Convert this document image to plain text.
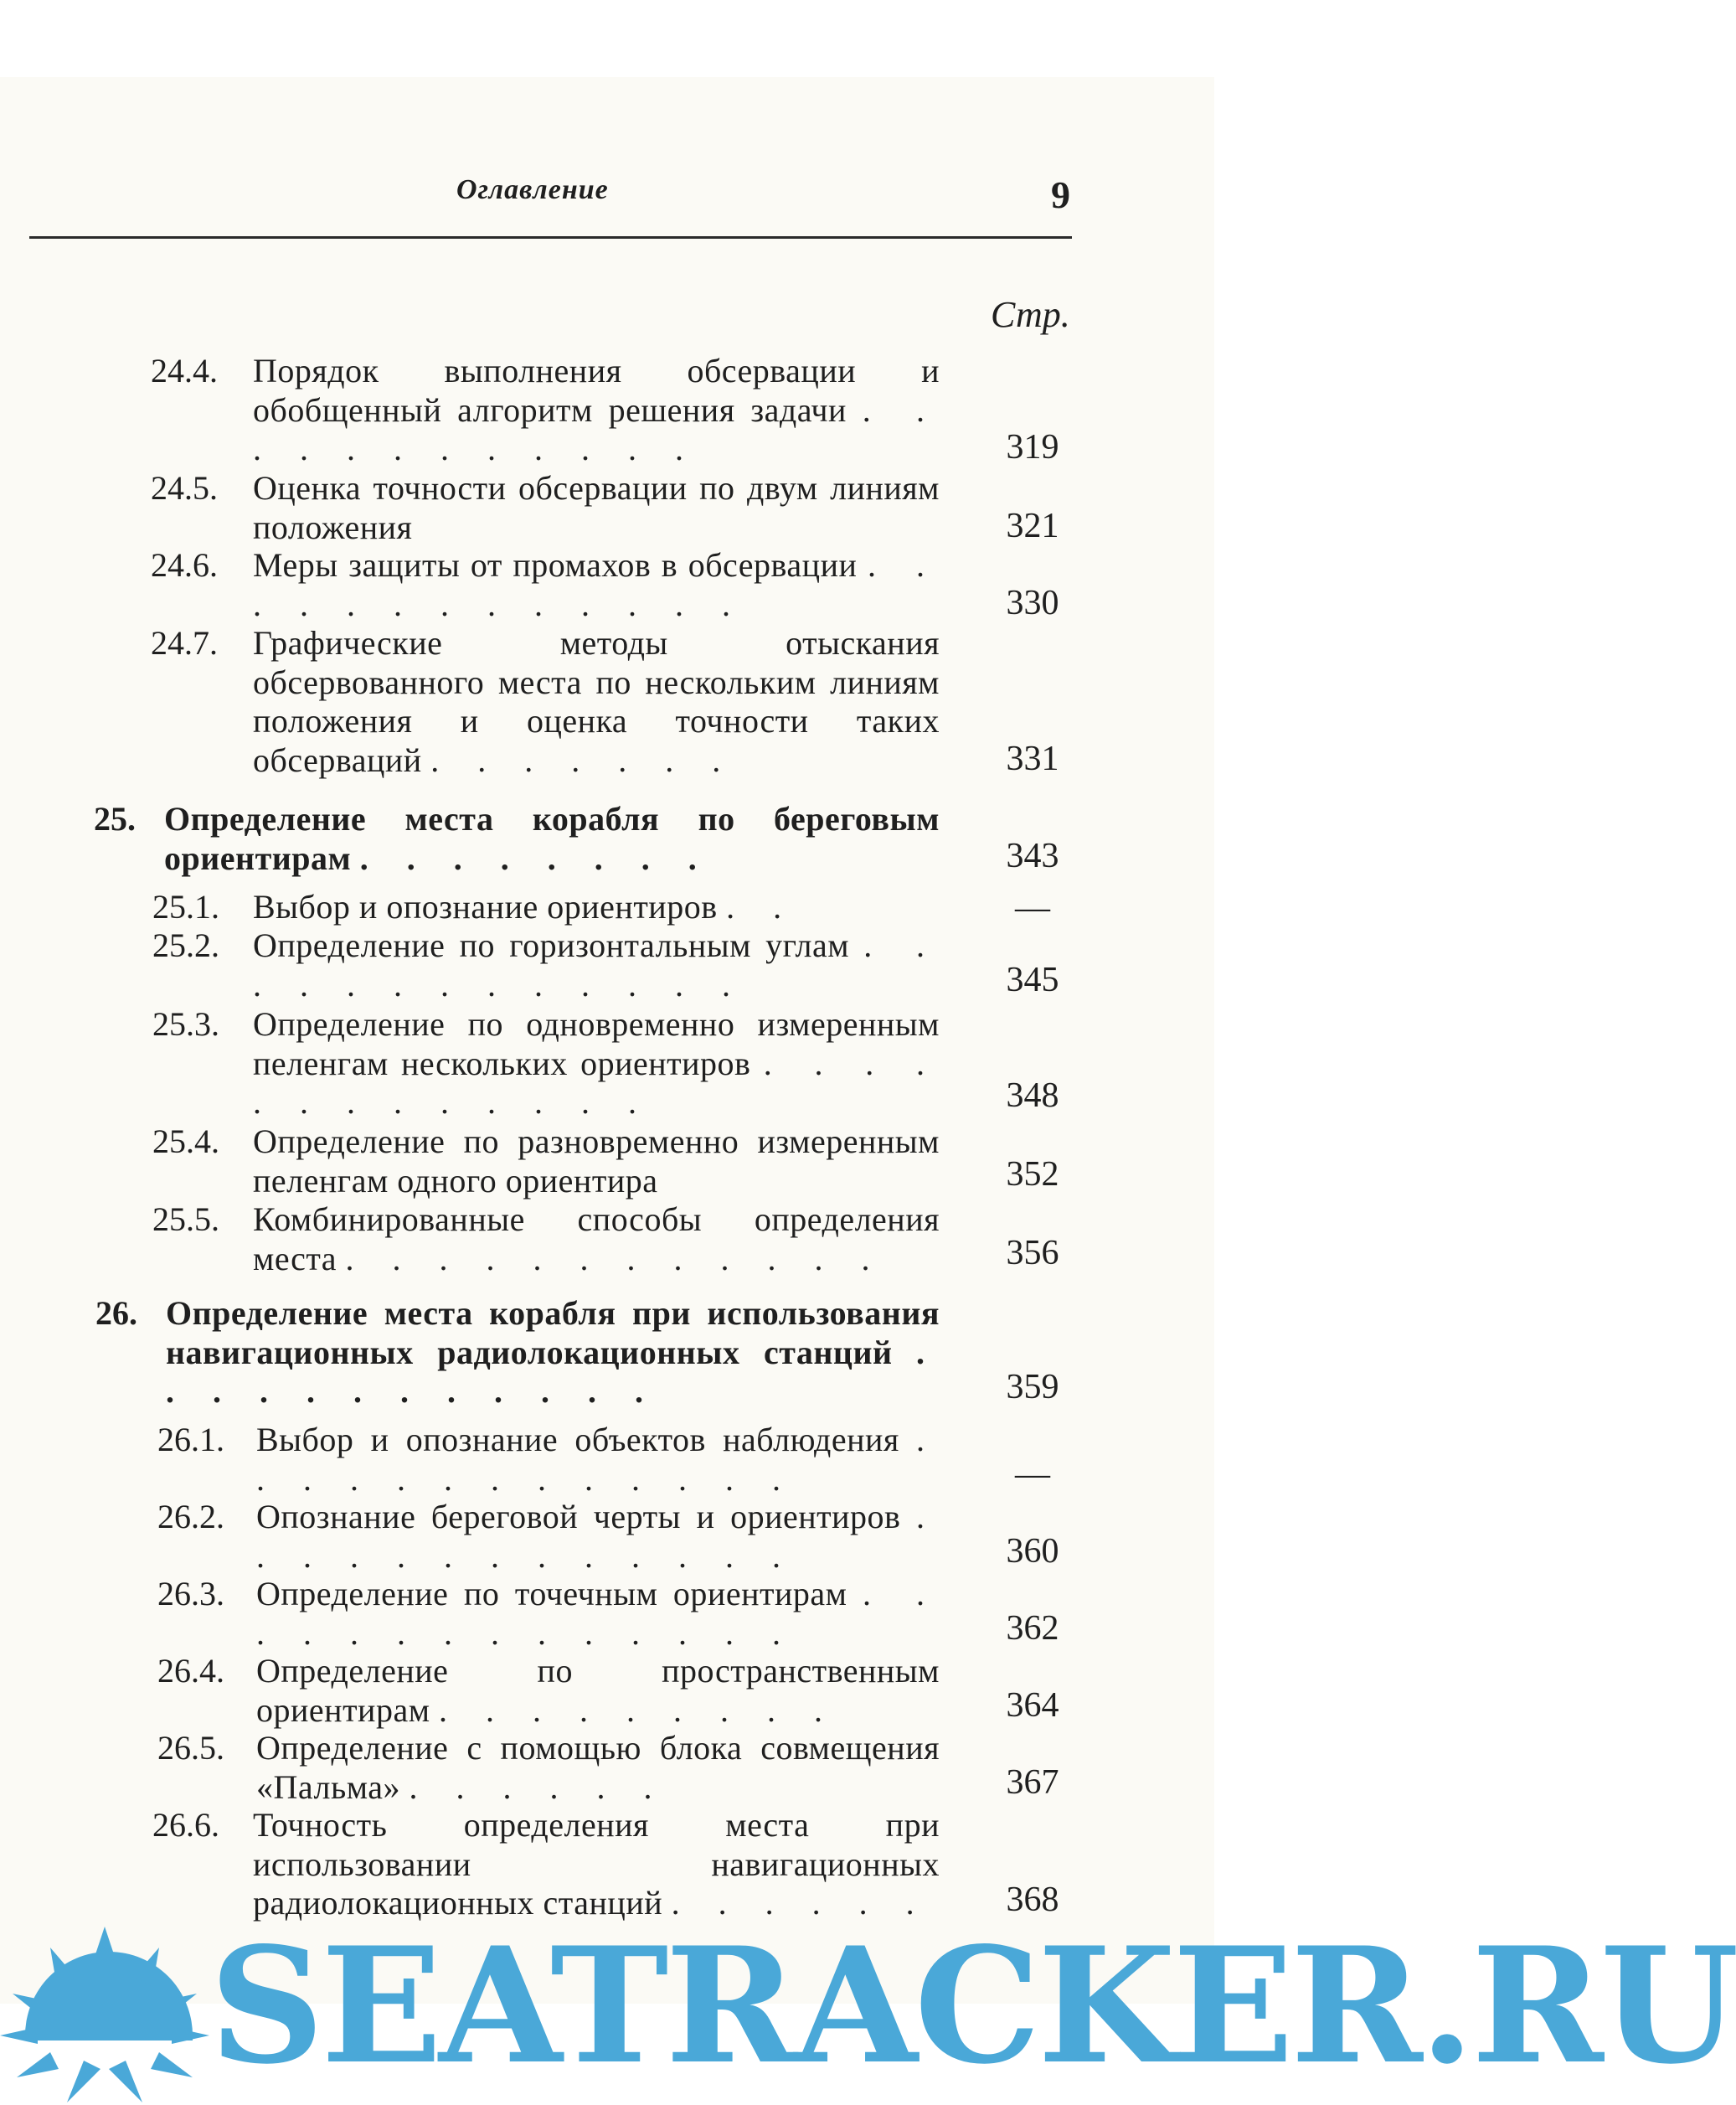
Оглавление	9
Стр.
24.4. Порядок выполнения обсервации и обобщенный алгоритм решения задачи . . . . . . . . . . . .	319
24.5. Оценка точности обсервации по двум линиям положения	321
24.6. Меры защиты от промахов в обсервации . . . . . . . . . . . . .	330
24.7. Графические методы отыскания обсервованного места по нескольким линиям положения и оценка точности таких обсерваций . . . . . . .	331
25. Определение места корабля по береговым ориентирам . . . . . . . .	343
25.1. Выбор и опознание ориентиров . .	—
25.2. Определение по горизонтальным углам . . . . . . . . . . . . .	345
25.3. Определение по одновременно измеренным пеленгам нескольких ориентиров . . . . . . . . . . . . .	348
25.4. Определение по разновременно измеренным пеленгам одного ориентира	352
25.5. Комбинированные способы определения места . . . . . . . . . . . .	356
26. Определение места корабля при использования навигационных радиолокационных станций . . . . . . . . . . . .	359
26.1. Выбор и опознание объектов наблюдения . . . . . . . . . . . . .	—
26.2. Опознание береговой черты и ориентиров . . . . . . . . . . . . .	360
26.3. Определение по точечным ориентирам . . . . . . . . . . . . . .	362
26.4. Определение по пространственным ориентирам . . . . . . . . .	364
26.5. Определение с помощью блока совмещения «Пальма» . . . . . .	367
26.6. Точность определения места при использовании навигационных радиолокационных станций . . . . . .	368
SEATRACKER.RU
